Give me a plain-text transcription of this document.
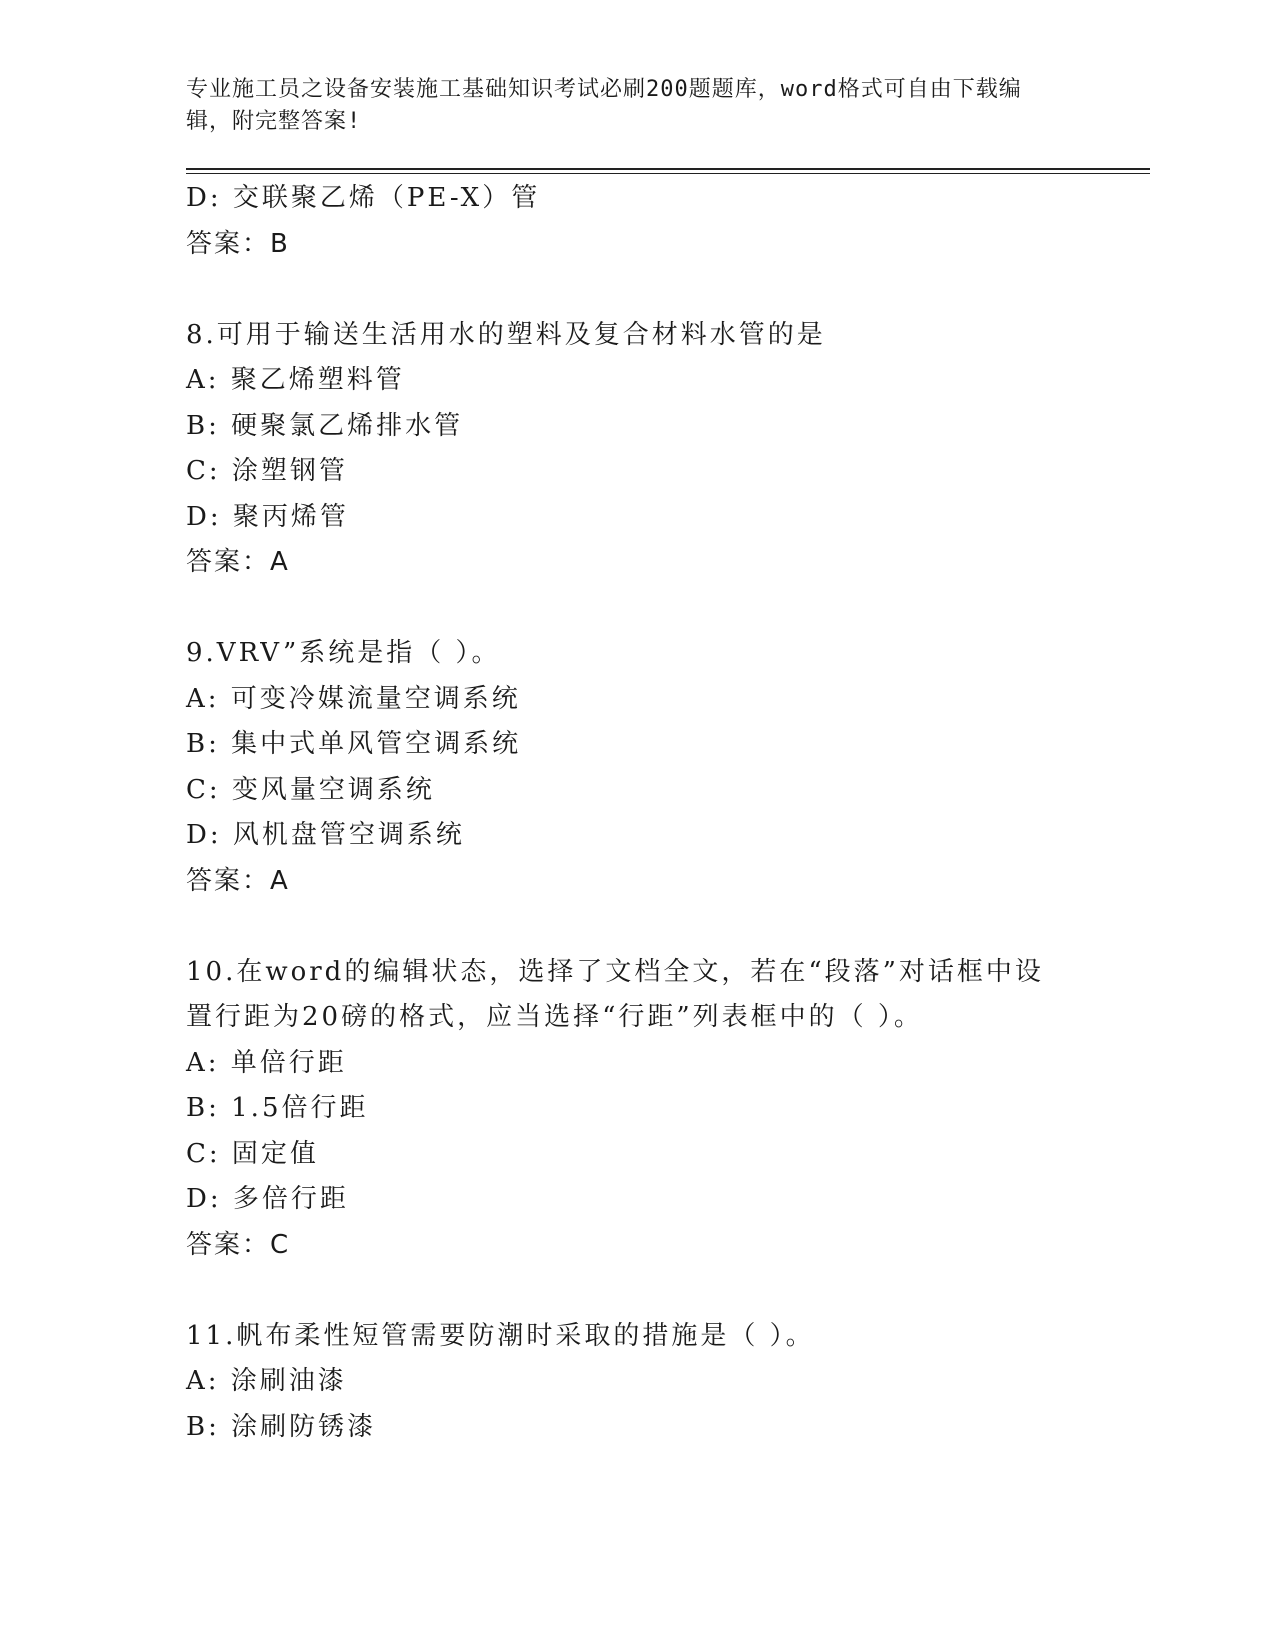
专业施工员之设备安装施工基础知识考试必刷200题题库，word格式可自由下载编辑，附完整答案!
D: 交联聚乙烯（PE-X）管
答案：B
8.可用于输送生活用水的塑料及复合材料水管的是
A: 聚乙烯塑料管
B: 硬聚氯乙烯排水管
C: 涂塑钢管
D: 聚丙烯管
答案：A
9.VRV”系统是指（ ）。
A: 可变冷媒流量空调系统
B: 集中式单风管空调系统
C: 变风量空调系统
D: 风机盘管空调系统
答案：A
10.在word的编辑状态，选择了文档全文，若在“段落”对话框中设置行距为20磅的格式，应当选择“行距”列表框中的（ ）。
A: 单倍行距
B: 1.5倍行距
C: 固定值
D: 多倍行距
答案：C
11.帆布柔性短管需要防潮时采取的措施是（ ）。
A: 涂刷油漆
B: 涂刷防锈漆
